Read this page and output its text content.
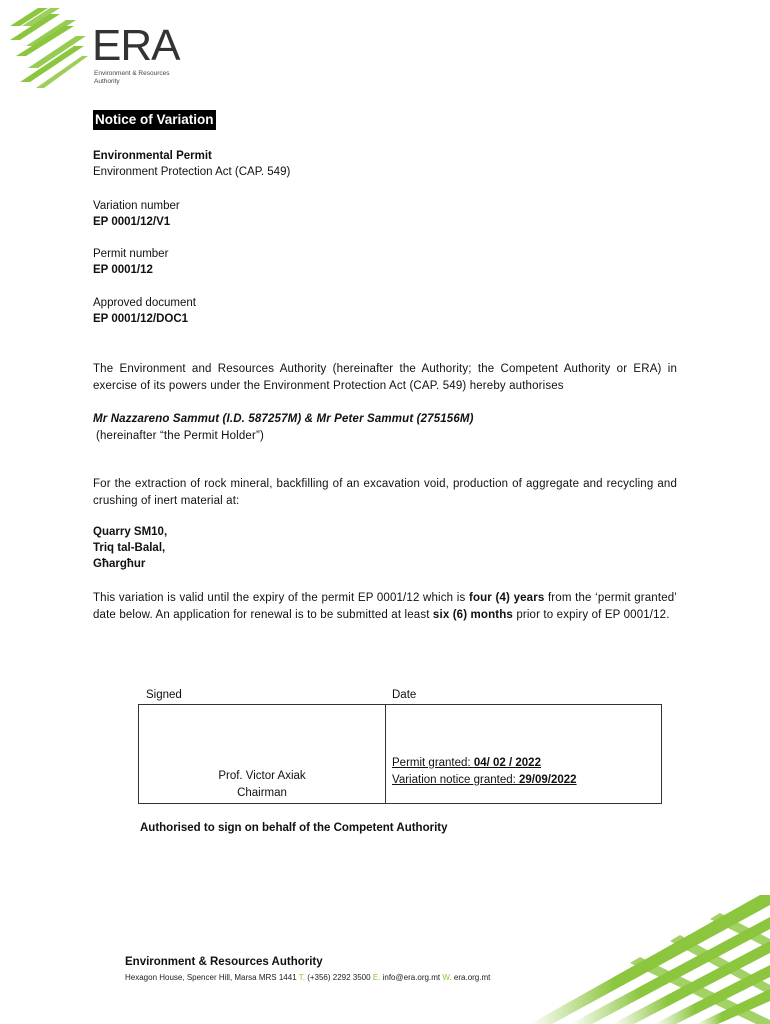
ERA
Environment & Resources
Authority
Notice of Variation
Environmental Permit
Environment Protection Act (CAP. 549)
Variation number
EP 0001/12/V1
Permit number
EP 0001/12
Approved document
EP 0001/12/DOC1
The Environment and Resources Authority (hereinafter the Authority; the Competent Authority or ERA) in exercise of its powers under the Environment Protection Act (CAP. 549) hereby authorises
Mr Nazzareno Sammut (I.D. 587257M) & Mr Peter Sammut (275156M)
(hereinafter “the Permit Holder”)
For the extraction of rock mineral, backfilling of an excavation void, production of aggregate and recycling and crushing of inert material at:
Quarry SM10,
Triq tal-Balal,
Għargħur
This variation is valid until the expiry of the permit EP 0001/12 which is four (4) years from the ‘permit granted’ date below. An application for renewal is to be submitted at least six (6) months prior to expiry of EP 0001/12.
Signed	Date
Prof. Victor Axiak
Chairman

Permit granted: 04/ 02 / 2022
Variation notice granted: 29/09/2022
Authorised to sign on behalf of the Competent Authority
Environment & Resources Authority
Hexagon House, Spencer Hill, Marsa MRS 1441 T. (+356) 2292 3500 E. info@era.org.mt W. era.org.mt
